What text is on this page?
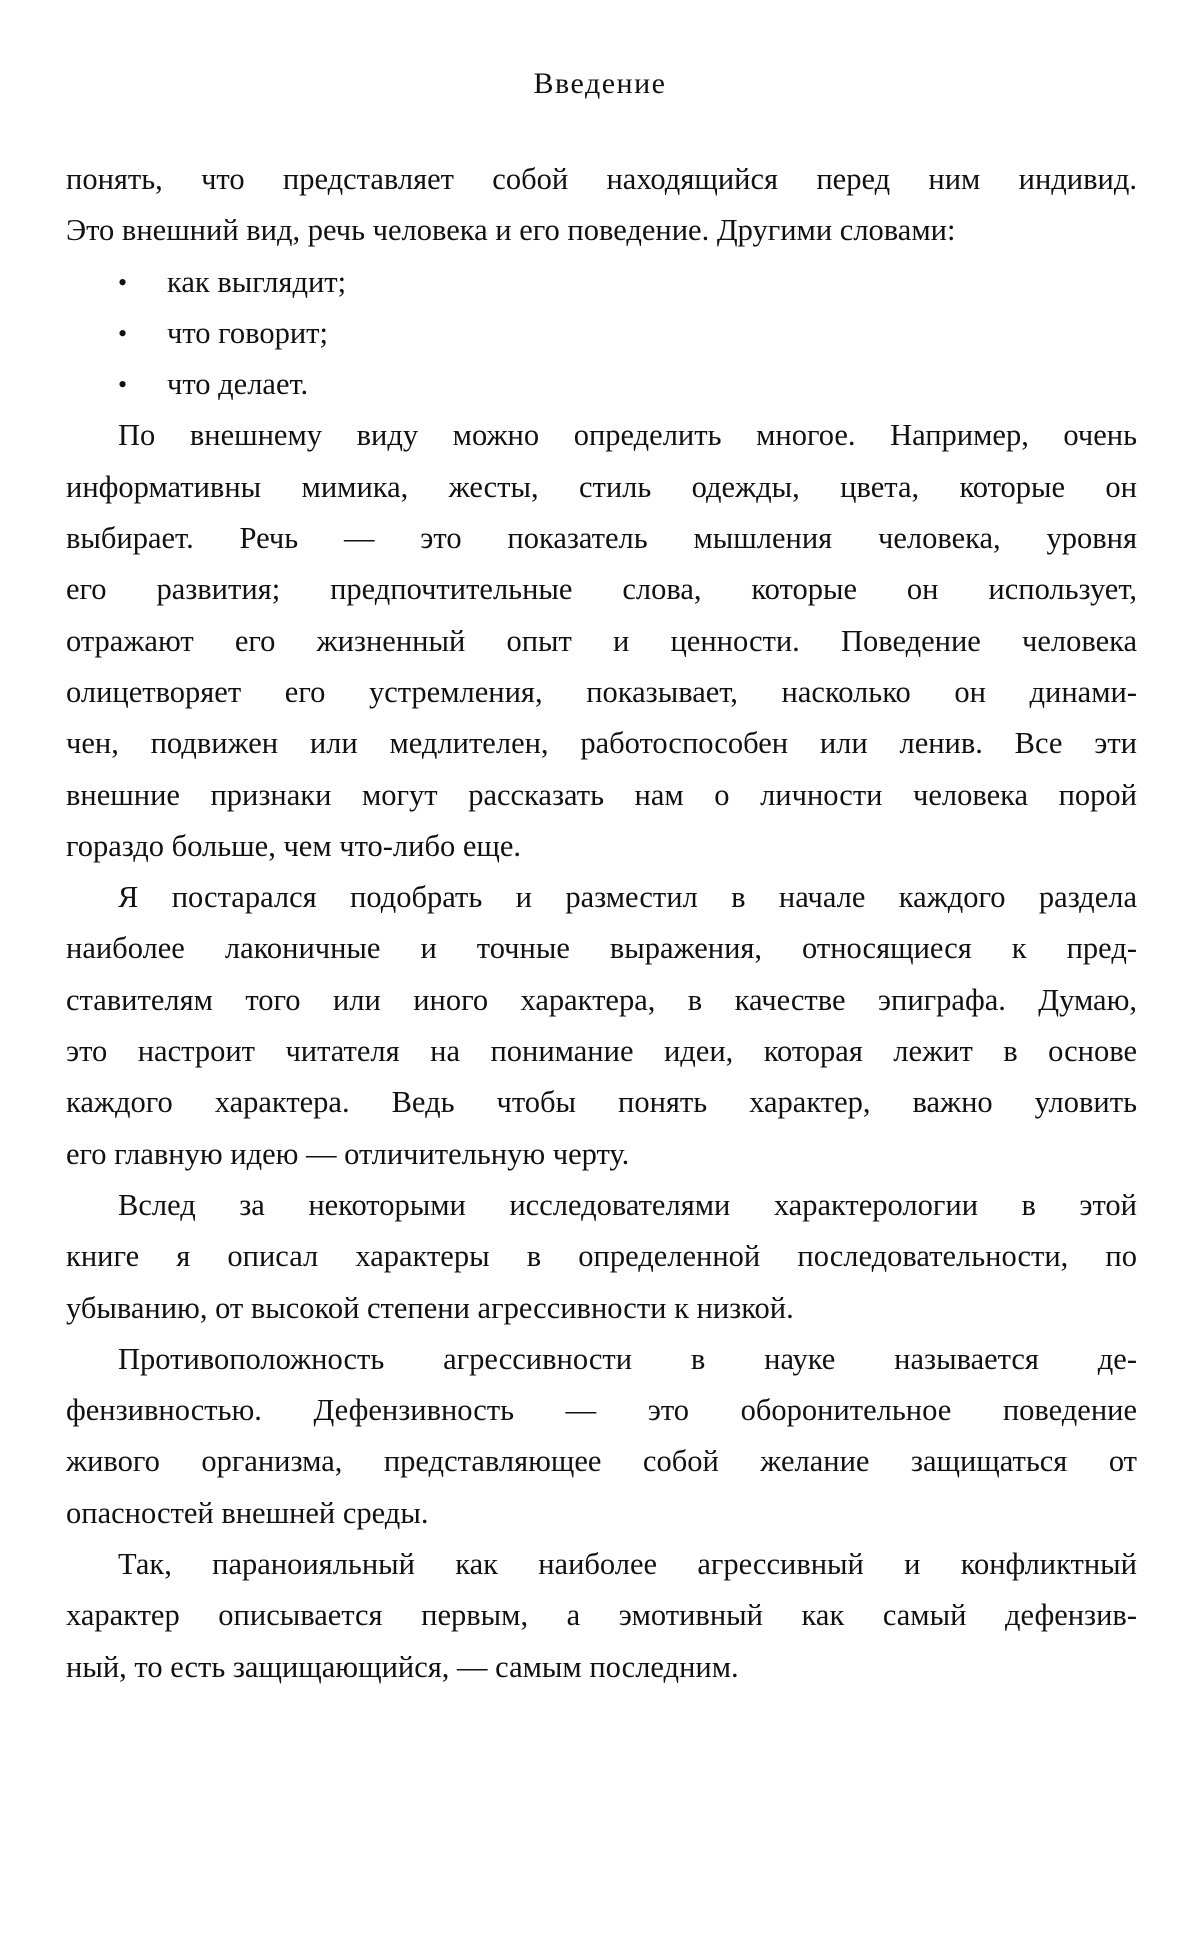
Введение
понять, что представляет собой находящийся перед ним индивид.
Это внешний вид, речь человека и его поведение. Другими словами:
• как выглядит;
• что говорит;
• что делает.
По внешнему виду можно определить многое. Например, очень
информативны мимика, жесты, стиль одежды, цвета, которые он
выбирает. Речь — это показатель мышления человека, уровня
его развития; предпочтительные слова, которые он использует,
отражают его жизненный опыт и ценности. Поведение человека
олицетворяет его устремления, показывает, насколько он динами-
чен, подвижен или медлителен, работоспособен или ленив. Все эти
внешние признаки могут рассказать нам о личности человека порой
гораздо больше, чем что-либо еще.
Я постарался подобрать и разместил в начале каждого раздела
наиболее лаконичные и точные выражения, относящиеся к пред-
ставителям того или иного характера, в качестве эпиграфа. Думаю,
это настроит читателя на понимание идеи, которая лежит в основе
каждого характера. Ведь чтобы понять характер, важно уловить
его главную идею — отличительную черту.
Вслед за некоторыми исследователями характерологии в этой
книге я описал характеры в определенной последовательности, по
убыванию, от высокой степени агрессивности к низкой.
Противоположность агрессивности в науке называется де-
фензивностью. Дефензивность — это оборонительное поведение
живого организма, представляющее собой желание защищаться от
опасностей внешней среды.
Так, параноияльный как наиболее агрессивный и конфликтный
характер описывается первым, а эмотивный как самый дефензив-
ный, то есть защищающийся, — самым последним.
